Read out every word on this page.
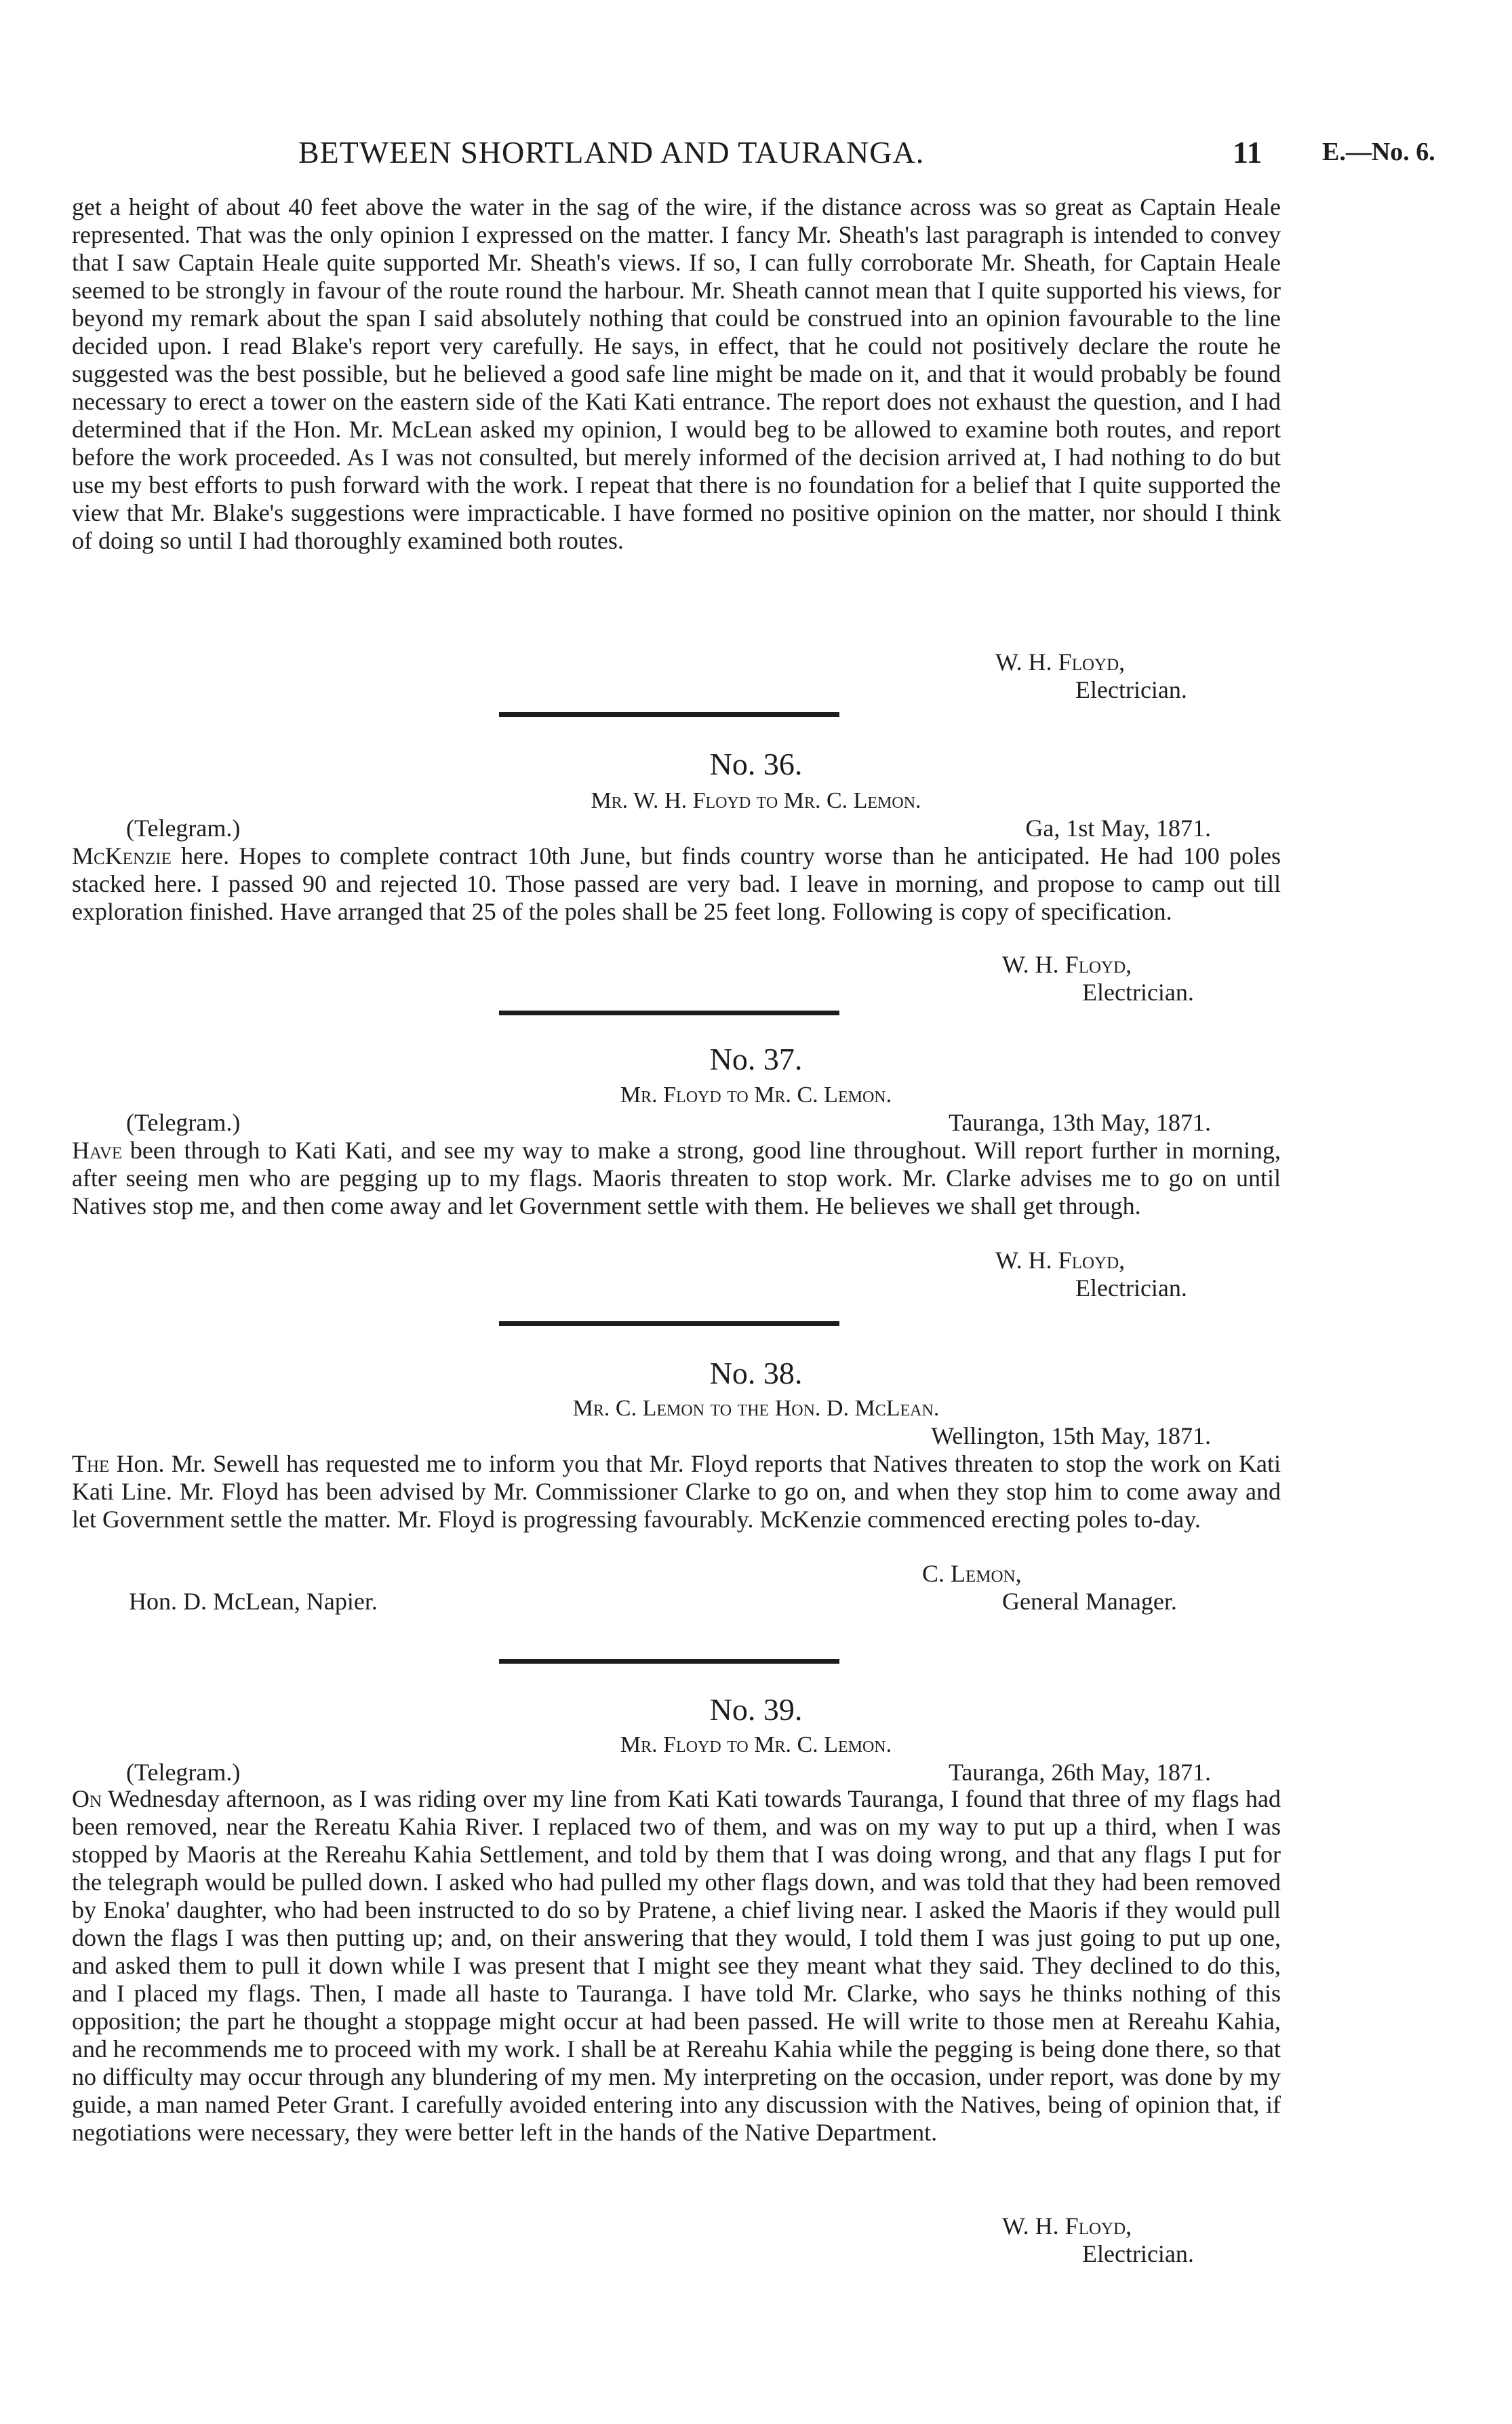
BETWEEN SHORTLAND AND TAURANGA.	11 E.—No. 6.

get a height of about 40 feet above the water in the sag of the wire, if the distance across was so great as Captain Heale represented. That was the only opinion I expressed on the matter. I fancy Mr. Sheath's last paragraph is intended to convey that I saw Captain Heale quite supported Mr. Sheath's views. If so, I can fully corroborate Mr. Sheath, for Captain Heale seemed to be strongly in favour of the route round the harbour. Mr. Sheath cannot mean that I quite supported his views, for beyond my remark about the span I said absolutely nothing that could be construed into an opinion favourable to the line decided upon. I read Blake's report very carefully. He says, in effect, that he could not positively declare the route he suggested was the best possible, but he believed a good safe line might be made on it, and that it would probably be found necessary to erect a tower on the eastern side of the Kati Kati entrance. The report does not exhaust the question, and I had determined that if the Hon. Mr. McLean asked my opinion, I would beg to be allowed to examine both routes, and report before the work proceeded. As I was not consulted, but merely informed of the decision arrived at, I had nothing to do but use my best efforts to push forward with the work. I repeat that there is no foundation for a belief that I quite supported the view that Mr. Blake's suggestions were impracticable. I have formed no positive opinion on the matter, nor should I think of doing so until I had thoroughly examined both routes.

W. H. Floyd,
Electrician.
No. 36.
Mr. W. H. Floyd to Mr. C. Lemon.
(Telegram.)	Ga, 1st May, 1871.

McKenzie here. Hopes to complete contract 10th June, but finds country worse than he anticipated. He had 100 poles stacked here. I passed 90 and rejected 10. Those passed are very bad. I leave in morning, and propose to camp out till exploration finished. Have arranged that 25 of the poles shall be 25 feet long. Following is copy of specification.

W. H. Floyd,
Electrician.
No. 37.
Mr. Floyd to Mr. C. Lemon.
(Telegram.)	Tauranga, 13th May, 1871.

Have been through to Kati Kati, and see my way to make a strong, good line throughout. Will report further in morning, after seeing men who are pegging up to my flags. Maoris threaten to stop work. Mr. Clarke advises me to go on until Natives stop me, and then come away and let Government settle with them. He believes we shall get through.

W. H. Floyd,
Electrician.
No. 38.
Mr. C. Lemon to the Hon. D. McLean.
Wellington, 15th May, 1871.

The Hon. Mr. Sewell has requested me to inform you that Mr. Floyd reports that Natives threaten to stop the work on Kati Kati Line. Mr. Floyd has been advised by Mr. Commissioner Clarke to go on, and when they stop him to come away and let Government settle the matter. Mr. Floyd is progressing favourably. McKenzie commenced erecting poles to-day.

C. Lemon,
General Manager.
Hon. D. McLean, Napier.
No. 39.
Mr. Floyd to Mr. C. Lemon.
(Telegram.)	Tauranga, 26th May, 1871.

On Wednesday afternoon, as I was riding over my line from Kati Kati towards Tauranga, I found that three of my flags had been removed, near the Rereatu Kahia River. I replaced two of them, and was on my way to put up a third, when I was stopped by Maoris at the Rereahu Kahia Settlement, and told by them that I was doing wrong, and that any flags I put for the telegraph would be pulled down. I asked who had pulled my other flags down, and was told that they had been removed by Enoka' daughter, who had been instructed to do so by Pratene, a chief living near. I asked the Maoris if they would pull down the flags I was then putting up; and, on their answering that they would, I told them I was just going to put up one, and asked them to pull it down while I was present that I might see they meant what they said. They declined to do this, and I placed my flags. Then, I made all haste to Tauranga. I have told Mr. Clarke, who says he thinks nothing of this opposition; the part he thought a stoppage might occur at had been passed. He will write to those men at Rereahu Kahia, and he recommends me to proceed with my work. I shall be at Rereahu Kahia while the pegging is being done there, so that no difficulty may occur through any blundering of my men. My interpreting on the occasion, under report, was done by my guide, a man named Peter Grant. I carefully avoided entering into any discussion with the Natives, being of opinion that, if negotiations were necessary, they were better left in the hands of the Native Department.

W. H. Floyd,
Electrician.
